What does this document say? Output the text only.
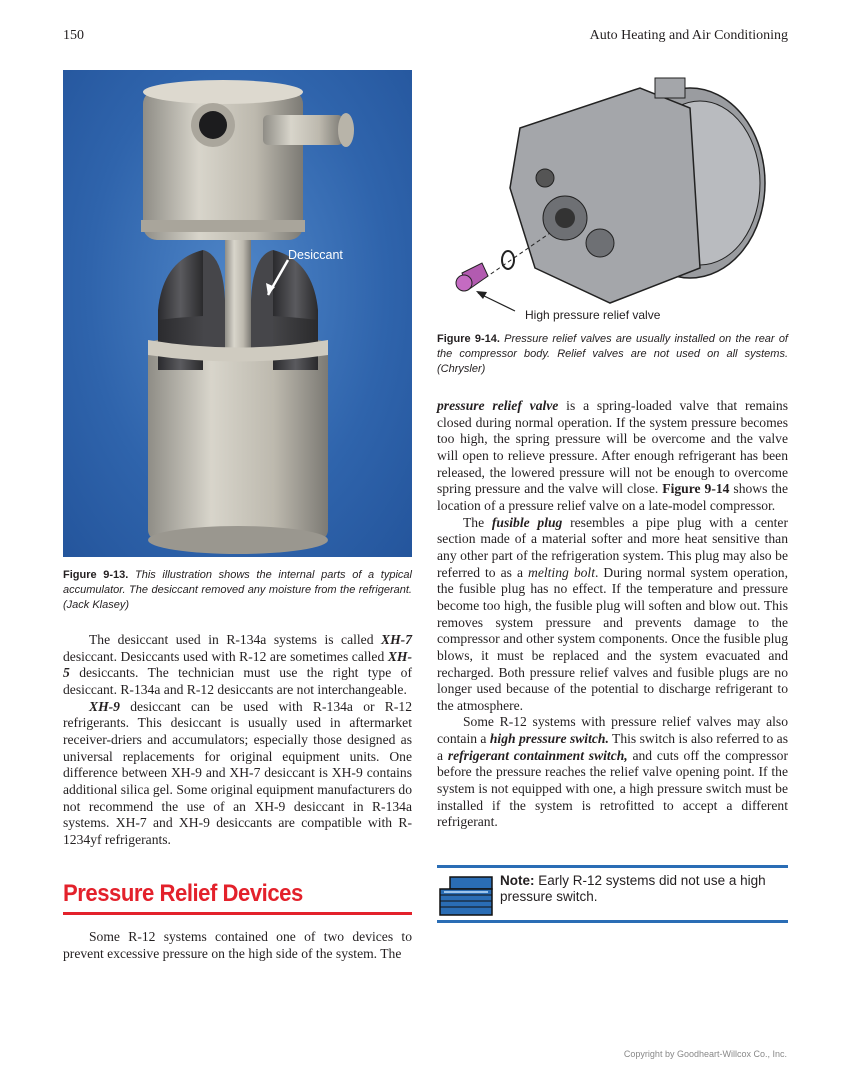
150	Auto Heating and Air Conditioning
Desiccant
Figure 9-13. This illustration shows the internal parts of a typical accumulator. The desiccant removed any moisture from the refrigerant. (Jack Klasey)
High pressure relief valve
Figure 9-14. Pressure relief valves are usually installed on the rear of the compressor body. Relief valves are not used on all systems. (Chrysler)

The desiccant used in R-134a systems is called XH-7 desiccant. Desiccants used with R-12 are sometimes called XH-5 desiccants. The technician must use the right type of desiccant. R-134a and R-12 desiccants are not interchangeable.

XH-9 desiccant can be used with R-134a or R-12 refrigerants. This desiccant is usually used in aftermarket receiver-driers and accumulators; especially those designed as universal replacements for original equipment units. One difference between XH-9 and XH-7 desiccant is XH-9 contains additional silica gel. Some original equipment manufacturers do not recommend the use of an XH-9 desiccant in R-134a systems. XH-7 and XH-9 desiccants are compatible with R-1234yf refrigerants.

Pressure Relief Devices

Some R-12 systems contained one of two devices to prevent excessive pressure on the high side of the system. The

pressure relief valve is a spring-loaded valve that remains closed during normal operation. If the system pressure becomes too high, the spring pressure will be overcome and the valve will open to relieve pressure. After enough refrigerant has been released, the lowered pressure will not be enough to overcome spring pressure and the valve will close. Figure 9-14 shows the location of a pressure relief valve on a late-model compressor.

The fusible plug resembles a pipe plug with a center section made of a material softer and more heat sensitive than any other part of the refrigeration system. This plug may also be referred to as a melting bolt. During normal system operation, the fusible plug has no effect. If the temperature and pressure become too high, the fusible plug will soften and blow out. This removes system pressure and prevents damage to the compressor and other system components. Once the fusible plug blows, it must be replaced and the system evacuated and recharged. Both pressure relief valves and fusible plugs are no longer used because of the potential to discharge refrigerant to the atmosphere.

Some R-12 systems with pressure relief valves may also contain a high pressure switch. This switch is also referred to as a refrigerant containment switch, and cuts off the compressor before the pressure reaches the relief valve opening point. If the system is not equipped with one, a high pressure switch must be installed if the system is retrofitted to accept a different refrigerant.

Note: Early R-12 systems did not use a high pressure switch.
Copyright by Goodheart-Willcox Co., Inc.
